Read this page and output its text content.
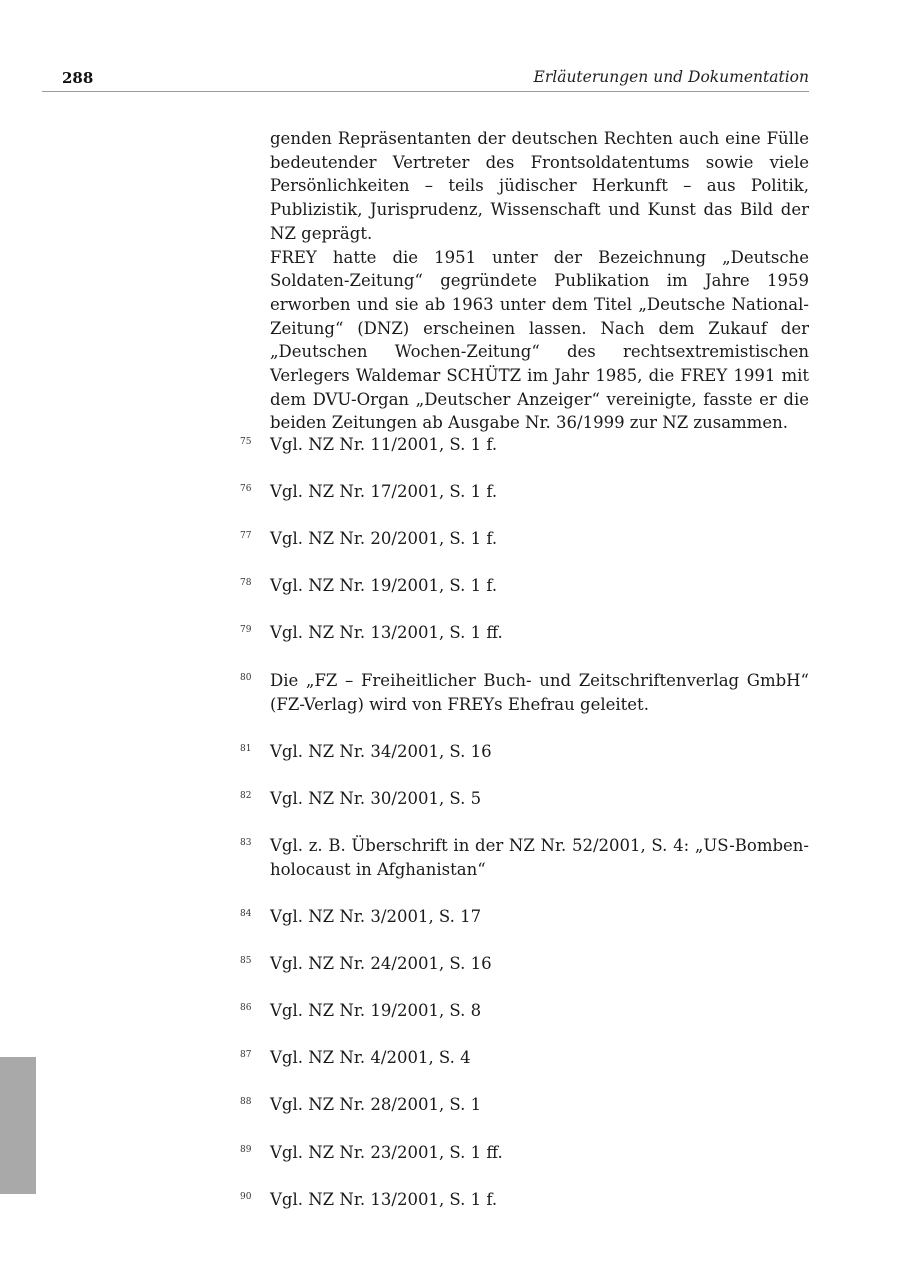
288	Erläuterungen und Dokumentation

genden Repräsentanten der deutschen Rechten auch eine Fülle bedeutender Vertreter des Frontsoldatentums sowie viele Persönlichkeiten – teils jüdischer Herkunft – aus Politik, Publizistik, Jurisprudenz, Wissenschaft und Kunst das Bild der NZ geprägt.

FREY hatte die 1951 unter der Bezeichnung „Deutsche Soldaten-Zeitung“ gegründete Publikation im Jahre 1959 erworben und sie ab 1963 unter dem Titel „Deutsche National-Zeitung“ (DNZ) erscheinen lassen. Nach dem Zukauf der „Deutschen Wochen-Zeitung“ des rechtsextremistischen Verlegers Waldemar SCHÜTZ im Jahr 1985, die FREY 1991 mit dem DVU-Organ „Deutscher Anzeiger“ vereinigte, fasste er die beiden Zeitungen ab Ausgabe Nr. 36/1999 zur NZ zusammen.

75 Vgl. NZ Nr. 11/2001, S. 1 f.
76 Vgl. NZ Nr. 17/2001, S. 1 f.
77 Vgl. NZ Nr. 20/2001, S. 1 f.
78 Vgl. NZ Nr. 19/2001, S. 1 f.
79 Vgl. NZ Nr. 13/2001, S. 1 ff.
80 Die „FZ – Freiheitlicher Buch- und Zeitschriftenverlag GmbH“ (FZ-Verlag) wird von FREYs Ehefrau geleitet.
81 Vgl. NZ Nr. 34/2001, S. 16
82 Vgl. NZ Nr. 30/2001, S. 5
83 Vgl. z. B. Überschrift in der NZ Nr. 52/2001, S. 4: „US-Bomben-holocaust in Afghanistan“
84 Vgl. NZ Nr. 3/2001, S. 17
85 Vgl. NZ Nr. 24/2001, S. 16
86 Vgl. NZ Nr. 19/2001, S. 8
87 Vgl. NZ Nr. 4/2001, S. 4
88 Vgl. NZ Nr. 28/2001, S. 1
89 Vgl. NZ Nr. 23/2001, S. 1 ff.
90 Vgl. NZ Nr. 13/2001, S. 1 f.
